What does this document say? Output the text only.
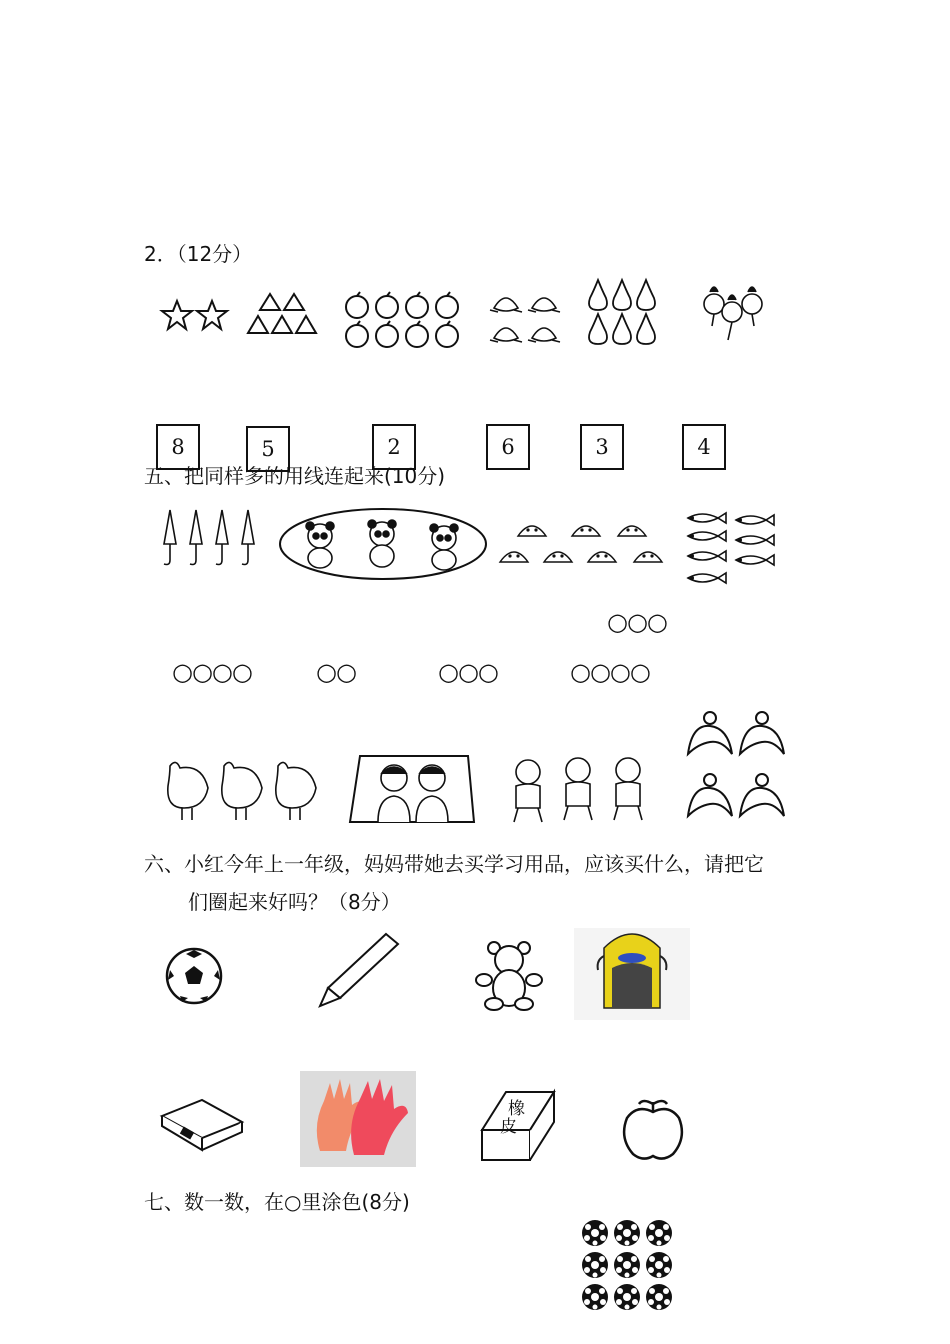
2．（12分）
8	5	2	6	3	4
五、把同样多的用线连起来(10分)
○○○
○○○○	○○	○○○	○○○○
六、小红今年上一年级，妈妈带她去买学习用品，应该买什么，请把它
们圈起来好吗？（8分）
橡
皮
七、数一数，在○里涂色(8分)
